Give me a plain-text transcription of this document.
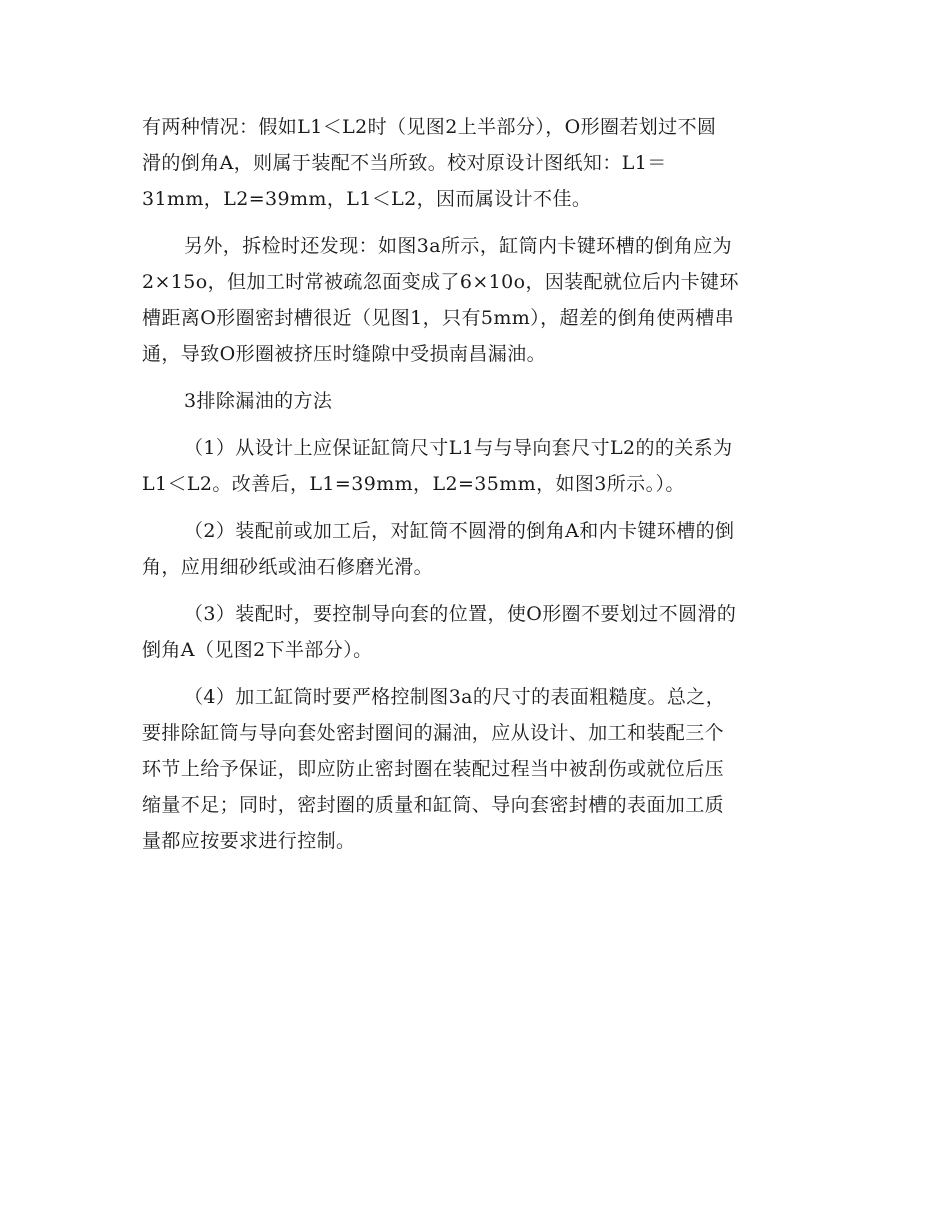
有两种情况：假如L1＜L2时（见图2上半部分），O形圈若划过不圆
滑的倒角A，则属于装配不当所致。校对原设计图纸知：L1＝
31mm，L2=39mm，L1＜L2，因而属设计不佳。

另外，拆检时还发现：如图3a所示，缸筒内卡键环槽的倒角应为
2×15o，但加工时常被疏忽面变成了6×10o，因装配就位后内卡键环
槽距离O形圈密封槽很近（见图1，只有5mm），超差的倒角使两槽串
通，导致O形圈被挤压时缝隙中受损南昌漏油。

3排除漏油的方法

（1）从设计上应保证缸筒尺寸L1与与导向套尺寸L2的的关系为
L1＜L2。改善后，L1=39mm，L2=35mm，如图3所示。）。

（2）装配前或加工后，对缸筒不圆滑的倒角A和内卡键环槽的倒
角，应用细砂纸或油石修磨光滑。

（3）装配时，要控制导向套的位置，使O形圈不要划过不圆滑的
倒角A（见图2下半部分）。

（4）加工缸筒时要严格控制图3a的尺寸的表面粗糙度。总之，
要排除缸筒与导向套处密封圈间的漏油，应从设计、加工和装配三个
环节上给予保证，即应防止密封圈在装配过程当中被刮伤或就位后压
缩量不足；同时，密封圈的质量和缸筒、导向套密封槽的表面加工质
量都应按要求进行控制。
